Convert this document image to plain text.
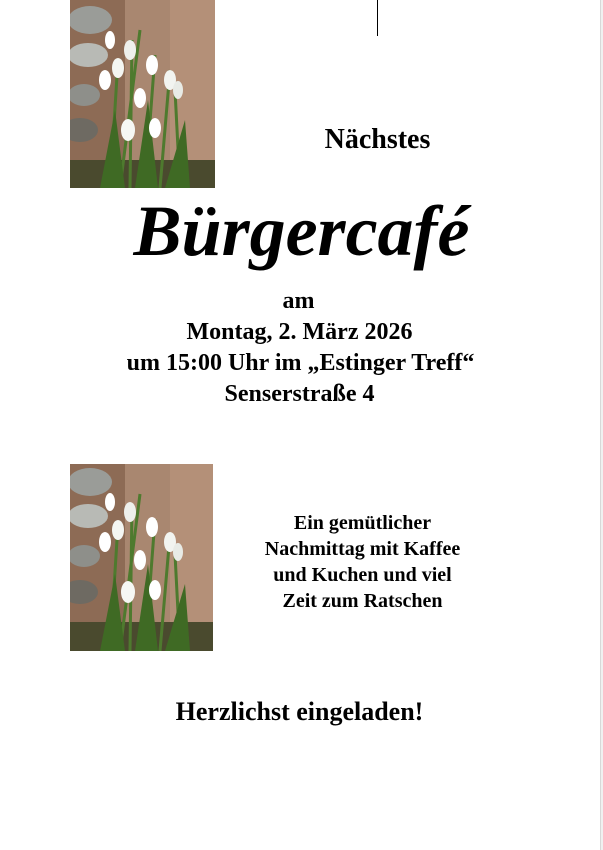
Nächstes
Bürgercafé
am
Montag, 2. März 2026
um 15:00 Uhr im „Estinger Treff“
Senserstraße 4
Ein gemütlicher
Nachmittag mit Kaffee
und Kuchen und viel
Zeit zum Ratschen
Herzlichst eingeladen!
